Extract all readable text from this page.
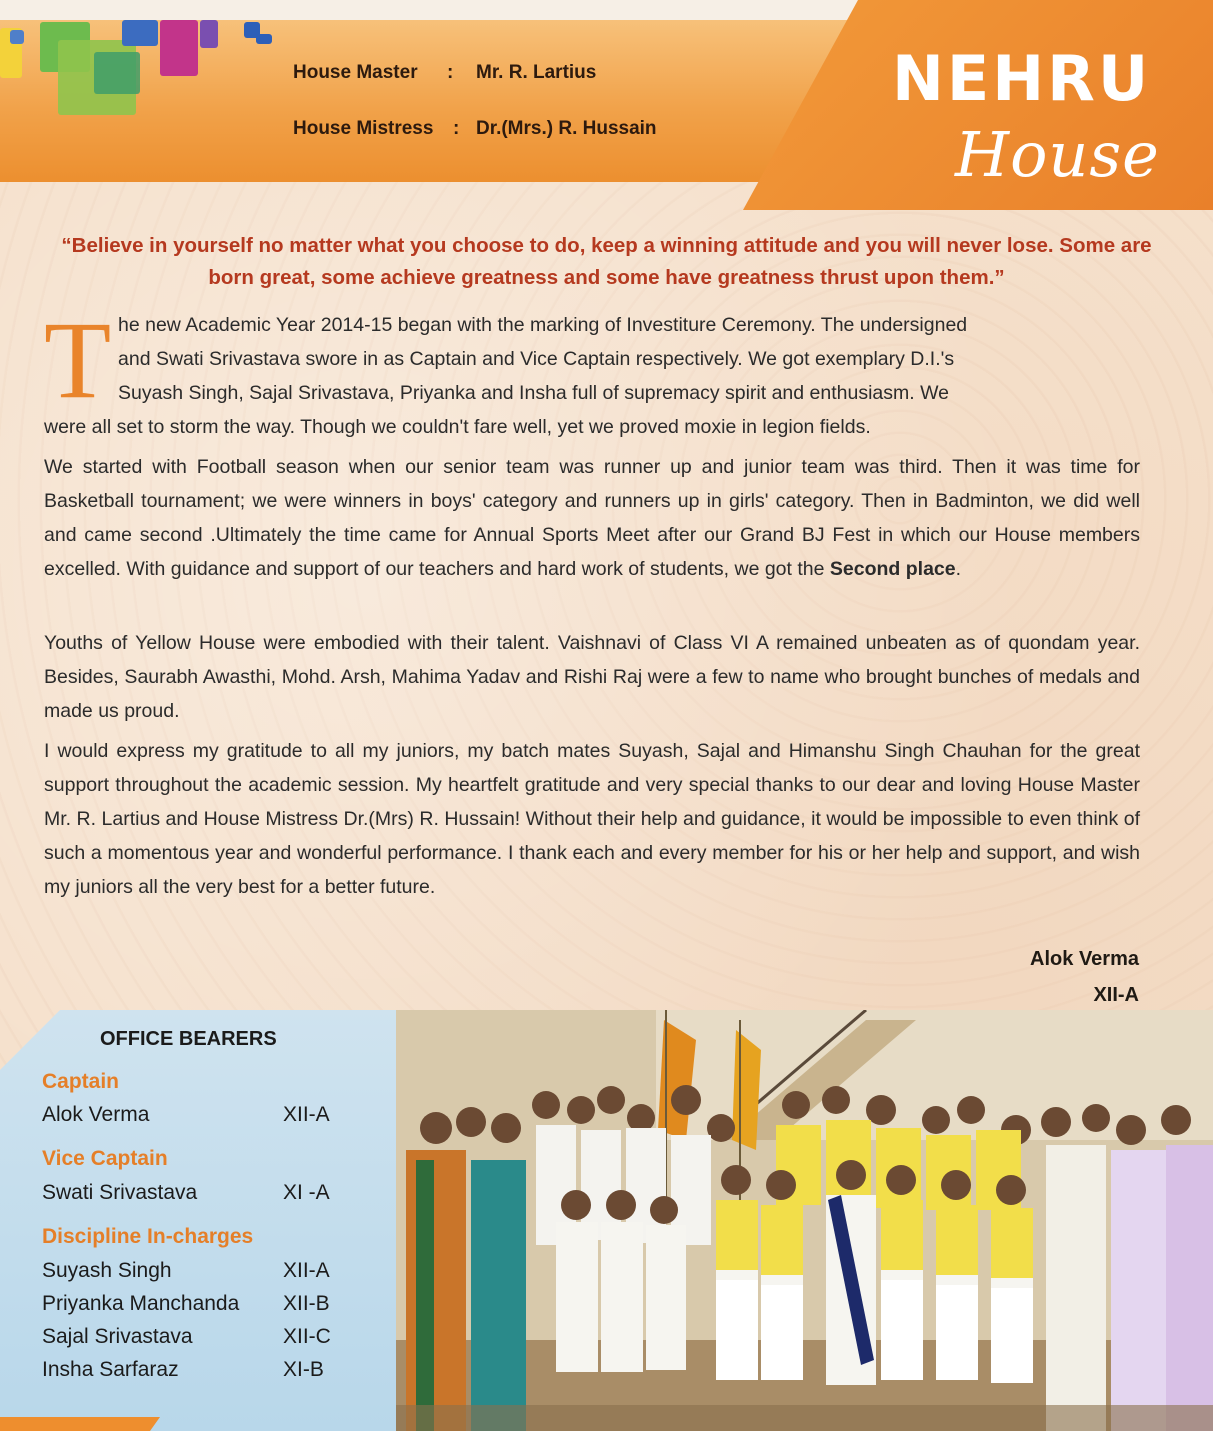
House Master : Mr. R. Lartius
House Mistress : Dr.(Mrs.) R. Hussain
NEHRU
House
“Believe in yourself no matter what you choose to do, keep a winning attitude and you will never lose. Some are born great, some achieve greatness and some have greatness thrust upon them.”
T he new Academic Year 2014-15 began with the marking of Investiture Ceremony. The undersigned
and Swati Srivastava swore in as Captain and Vice Captain respectively. We got exemplary D.I.'s
Suyash Singh, Sajal Srivastava, Priyanka and Insha full of supremacy spirit and enthusiasm. We
were all set to storm the way. Though we couldn't fare well, yet we proved moxie in legion fields.
We started with Football season when our senior team was runner up and junior team was third. Then it was time for Basketball tournament; we were winners in boys' category and runners up in girls' category. Then in Badminton, we did well and came second .Ultimately the time came for Annual Sports Meet after our Grand BJ Fest in which our House members excelled. With guidance and support of our teachers and hard work of students, we got the Second place.
Youths of Yellow House were embodied with their talent. Vaishnavi of Class VI A remained unbeaten as of quondam year. Besides, Saurabh Awasthi, Mohd. Arsh, Mahima Yadav and Rishi Raj were a few to name who brought bunches of medals and made us proud.
I would express my gratitude to all my juniors, my batch mates Suyash, Sajal and Himanshu Singh Chauhan for the great support throughout the academic session. My heartfelt gratitude and very special thanks to our dear and loving House Master Mr. R. Lartius and House Mistress Dr.(Mrs) R. Hussain! Without their help and guidance, it would be impossible to even think of such a momentous year and wonderful performance. I thank each and every member for his or her help and support, and wish my juniors all the very best for a better future.
Alok Verma
XII-A
OFFICE BEARERS
Captain
Alok Verma	XII-A
Vice Captain
Swati Srivastava	XI -A
Discipline In-charges
Suyash Singh	XII-A
Priyanka Manchanda XII-B
Sajal Srivastava	XII-C
Insha Sarfaraz	XI-B
